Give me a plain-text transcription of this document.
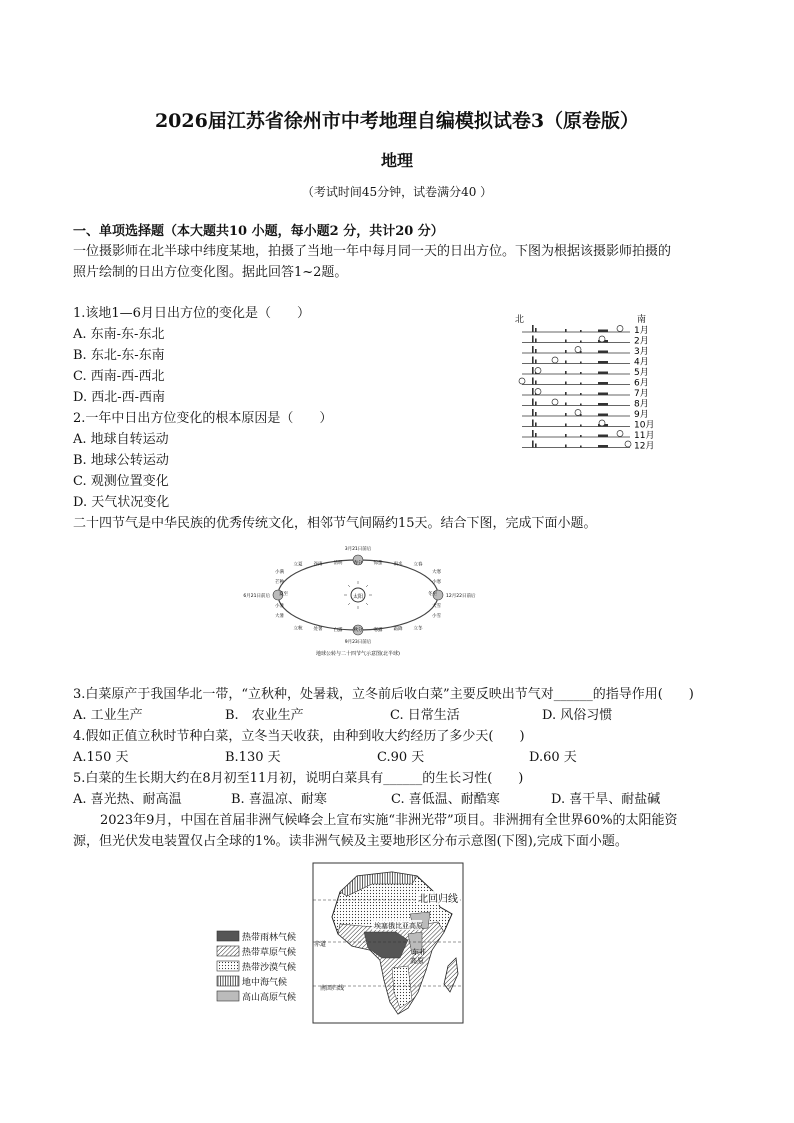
2026届江苏省徐州市中考地理自编模拟试卷3（原卷版）
地理
（考试时间45分钟，试卷满分40 ）
一、单项选择题（本大题共10 小题，每小题2 分，共计20 分）
一位摄影师在北半球中纬度某地，拍摄了当地一年中每月同一天的日出方位。下图为根据该摄影师拍摄的
照片绘制的日出方位变化图。据此回答1~2题。
1.该地1—6月日出方位的变化是（　　）
A. 东南-东-东北
B. 东北-东-东南
C. 西南-西-西北
D. 西北-西-西南
2.一年中日出方位变化的根本原因是（　　）
A. 地球自转运动
B. 地球公转运动
C. 观测位置变化
D. 天气状况变化
北	南
1月
2月
3月
4月
5月
6月
7月
8月
9月
10月
11月
12月
二十四节气是中华民族的优秀传统文化，相邻节气间隔约15天。结合下图，完成下面小题。
太阳
3月21日前后
6月21日前后
9月23日前后
12月22日前后
立夏 谷雨 清明 春分 惊蛰 雨水 立春
立秋 处暑 白露 秋分 寒露 霜降 立冬
小满
芒种
夏至
小暑
大暑
大寒
小寒
冬至
大雪
小雪
地球公转与二十四节气示意图(北半球)
3.白菜原产于我国华北一带，“立秋种，处暑栽，立冬前后收白菜”主要反映出节气对______的指导作用(　　)
A. 工业生产	B.　农业生产	C. 日常生活	D. 风俗习惯
4.假如正值立秋时节种白菜，立冬当天收获，由种到收大约经历了多少天(　　)
A.150 天	B.130 天	C.90 天	D.60 天
5.白菜的生长期大约在8月初至11月初，说明白菜具有______的生长习性(　　)
A. 喜光热、耐高温	B. 喜温凉、耐寒	C. 喜低温、耐酷寒	D. 喜干旱、耐盐碱
2023年9月，中国在首届非洲气候峰会上宣布实施“非洲光带”项目。非洲拥有全世界60%的太阳能资
源，但光伏发电装置仅占全球的1%。读非洲气候及主要地形区分布示意图(下图),完成下面小题。
热带雨林气候
热带草原气候
热带沙漠气候
地中海气候
高山高原气候
北回归线
赤道
南回归线
埃塞俄比亚高原
东非
高原
